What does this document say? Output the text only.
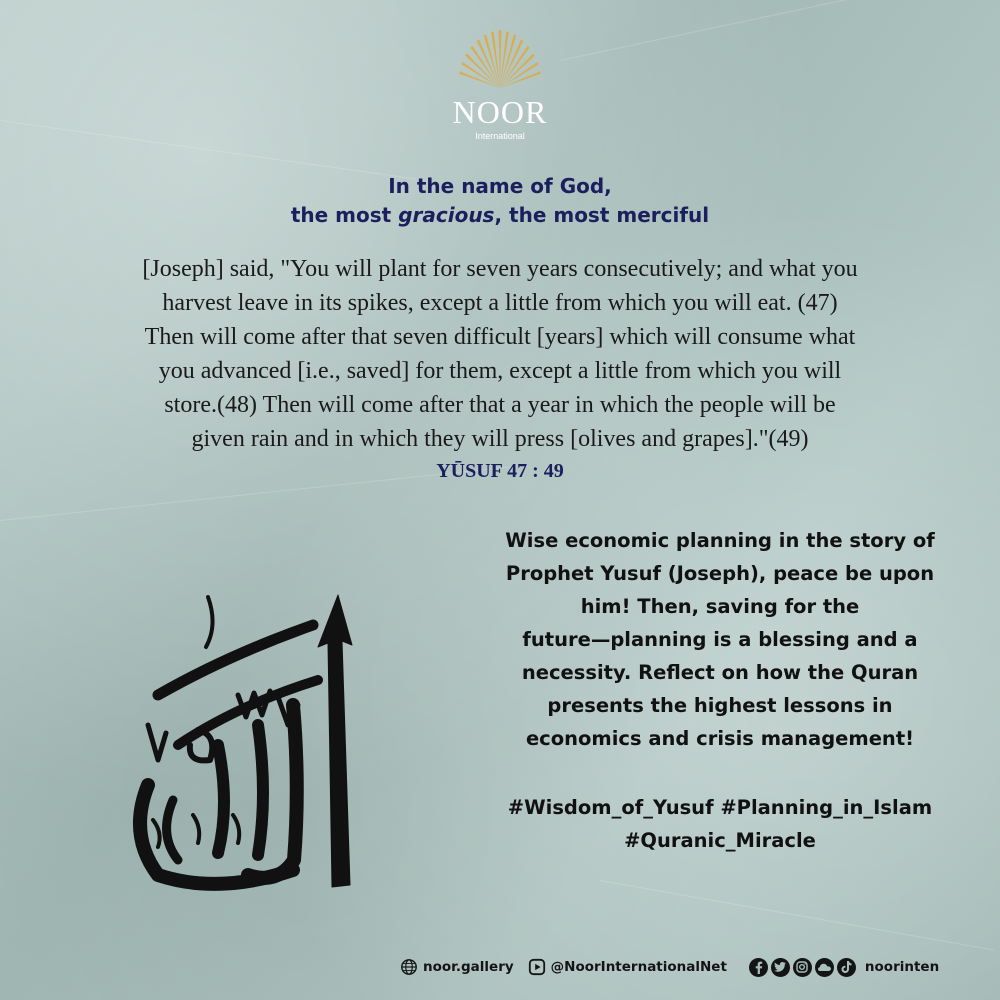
NOOR
International
In the name of God,
the most gracious, the most merciful
[Joseph] said, "You will plant for seven years consecutively; and what you
harvest leave in its spikes, except a little from which you will eat. (47)
Then will come after that seven difficult [years] which will consume what
you advanced [i.e., saved] for them, except a little from which you will
store.(48) Then will come after that a year in which the people will be
given rain and in which they will press [olives and grapes]."(49)
YŪSUF 47 : 49
Wise economic planning in the story of
Prophet Yusuf (Joseph), peace be upon
him! Then, saving for the
future—planning is a blessing and a
necessity. Reflect on how the Quran
presents the highest lessons in
economics and crisis management!
#Wisdom_of_Yusuf #Planning_in_Islam
#Quranic_Miracle
noor.gallery	@NoorInternationalNet	noorinten
